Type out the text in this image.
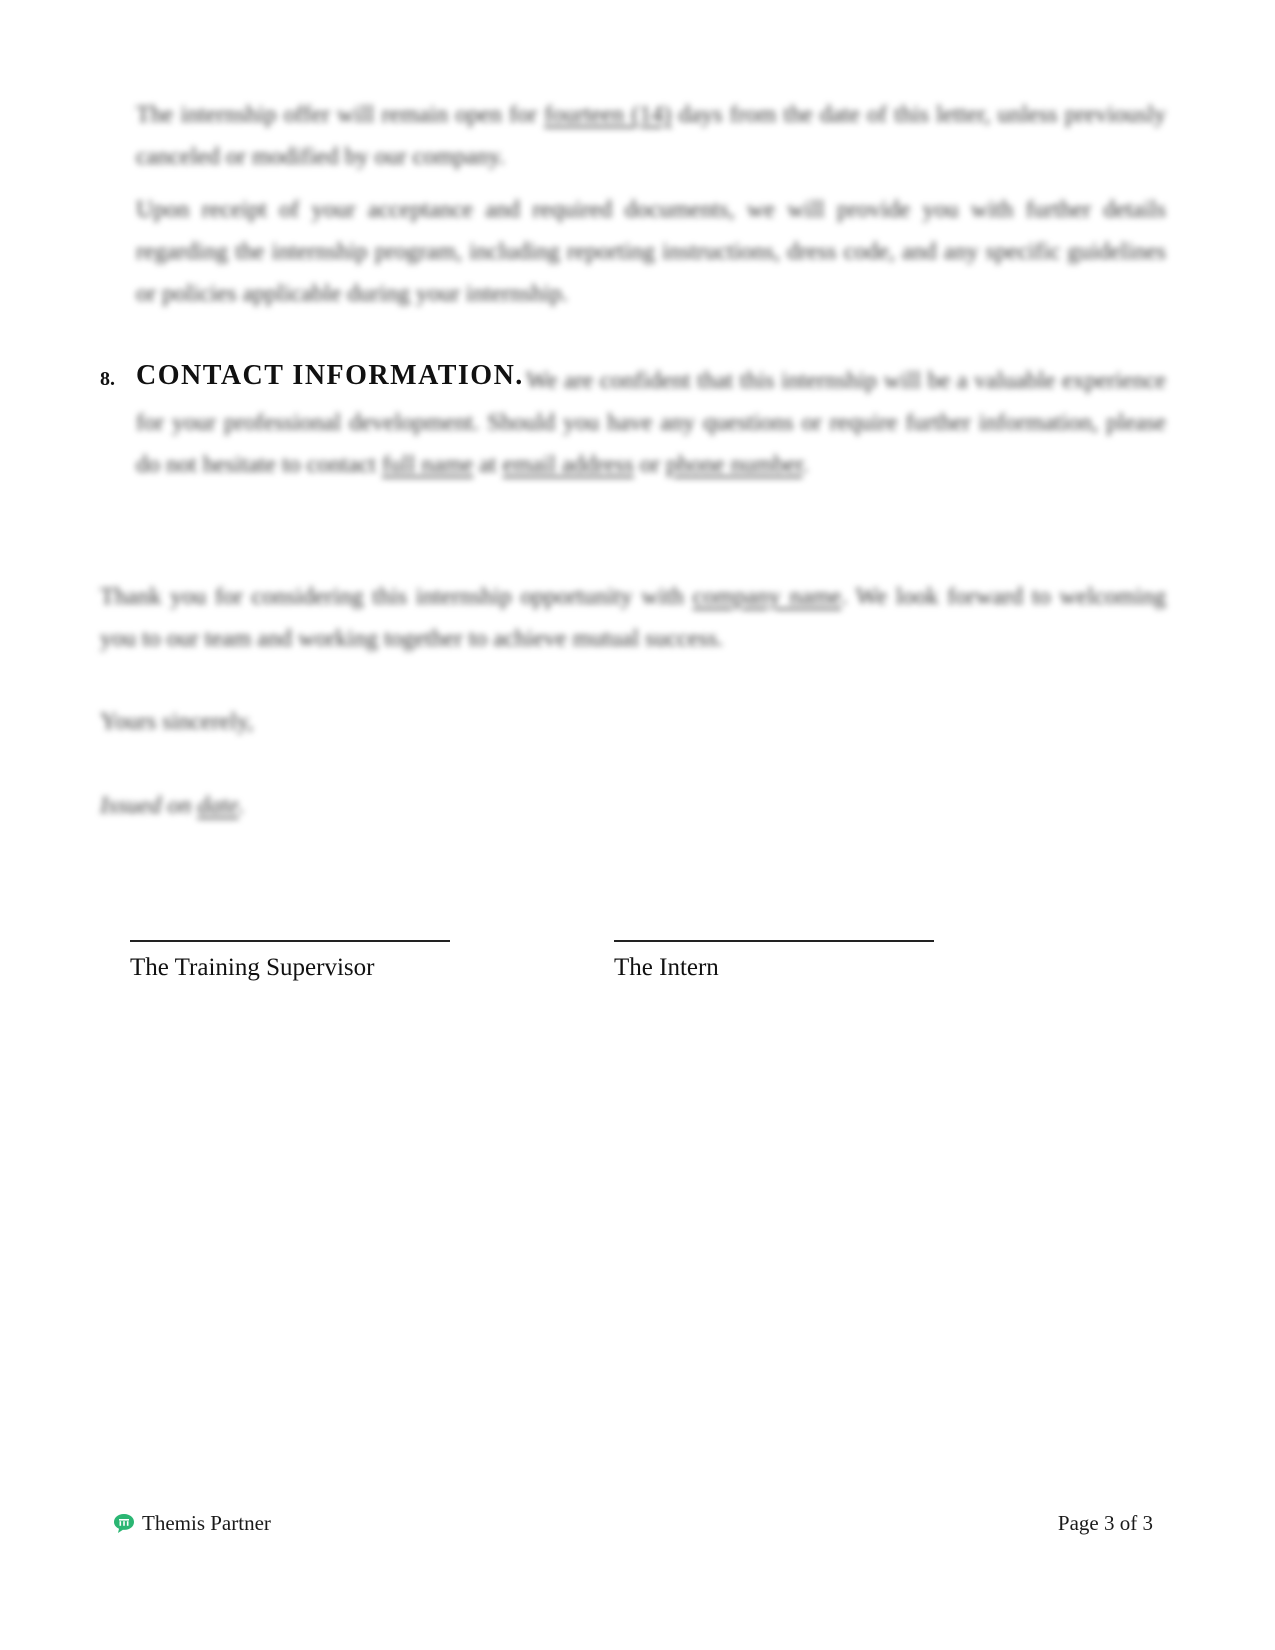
The internship offer will remain open for fourteen (14) days from the date of this letter, unless previously canceled or modified by our company.

Upon receipt of your acceptance and required documents, we will provide you with further details regarding the internship program, including reporting instructions, dress code, and any specific guidelines or policies applicable during your internship.

8.	We are confident that this internship will be a valuable experience for your professional development. Should you have any questions or require further information, please do not hesitate to contact full name at email address or phone number.

CONTACT INFORMATION.

Thank you for considering this internship opportunity with company name. We look forward to welcoming you to our team and working together to achieve mutual success.

Yours sincerely,

Issued on date.

The Training Supervisor	The Intern
Themis Partner	Page 3 of 3
